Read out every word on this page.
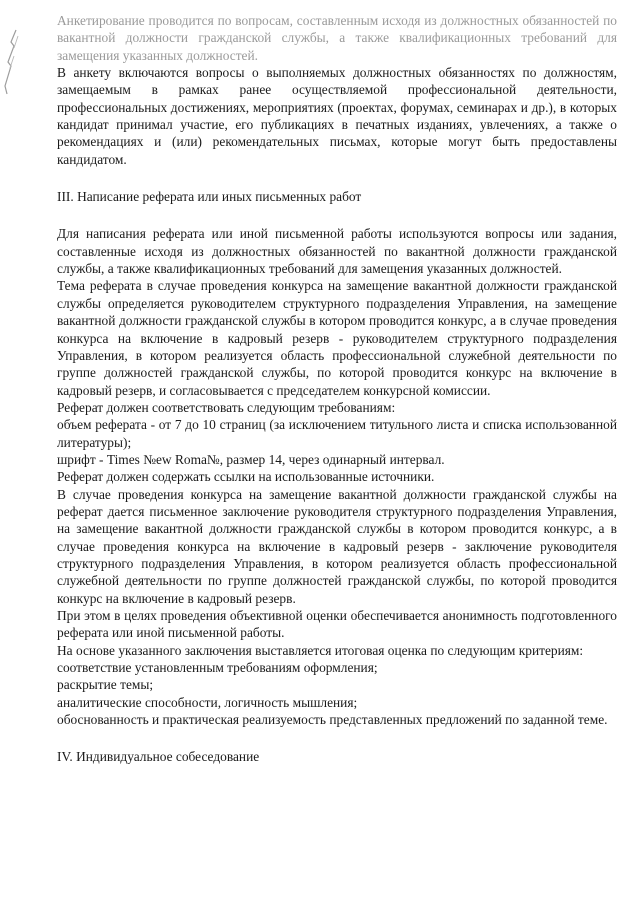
Анкетирование проводится по вопросам, составленным исходя из должностных обязанностей по вакантной должности гражданской службы, а также квалификационных требований для замещения указанных должностей.

В анкету включаются вопросы о выполняемых должностных обязанностях по должностям, замещаемым в рамках ранее осуществляемой профессиональной деятельности, профессиональных достижениях, мероприятиях (проектах, форумах, семинарах и др.), в которых кандидат принимал участие, его публикациях в печатных изданиях, увлечениях, а также о рекомендациях и (или) рекомендательных письмах, которые могут быть предоставлены кандидатом.

III. Написание реферата или иных письменных работ

Для написания реферата или иной письменной работы используются вопросы или задания, составленные исходя из должностных обязанностей по вакантной должности гражданской службы, а также квалификационных требований для замещения указанных должностей.

Тема реферата в случае проведения конкурса на замещение вакантной должности гражданской службы определяется руководителем структурного подразделения Управления, на замещение вакантной должности гражданской службы в котором проводится конкурс, а в случае проведения конкурса на включение в кадровый резерв - руководителем структурного подразделения Управления, в котором реализуется область профессиональной служебной деятельности по группе должностей гражданской службы, по которой проводится конкурс на включение в кадровый резерв, и согласовывается с председателем конкурсной комиссии.

Реферат должен соответствовать следующим требованиям:

объем реферата - от 7 до 10 страниц (за исключением титульного листа и списка использованной литературы);

шрифт - Times №ew Roma№, размер 14, через одинарный интервал.

Реферат должен содержать ссылки на использованные источники.

В случае проведения конкурса на замещение вакантной должности гражданской службы на реферат дается письменное заключение руководителя структурного подразделения Управления, на замещение вакантной должности гражданской службы в котором проводится конкурс, а в случае проведения конкурса на включение в кадровый резерв - заключение руководителя структурного подразделения Управления, в котором реализуется область профессиональной служебной деятельности по группе должностей гражданской службы, по которой проводится конкурс на включение в кадровый резерв.

При этом в целях проведения объективной оценки обеспечивается анонимность подготовленного реферата или иной письменной работы.

На основе указанного заключения выставляется итоговая оценка по следующим критериям:

соответствие установленным требованиям оформления;

раскрытие темы;

аналитические способности, логичность мышления;

обоснованность и практическая реализуемость представленных предложений по заданной теме.

IV. Индивидуальное собеседование
